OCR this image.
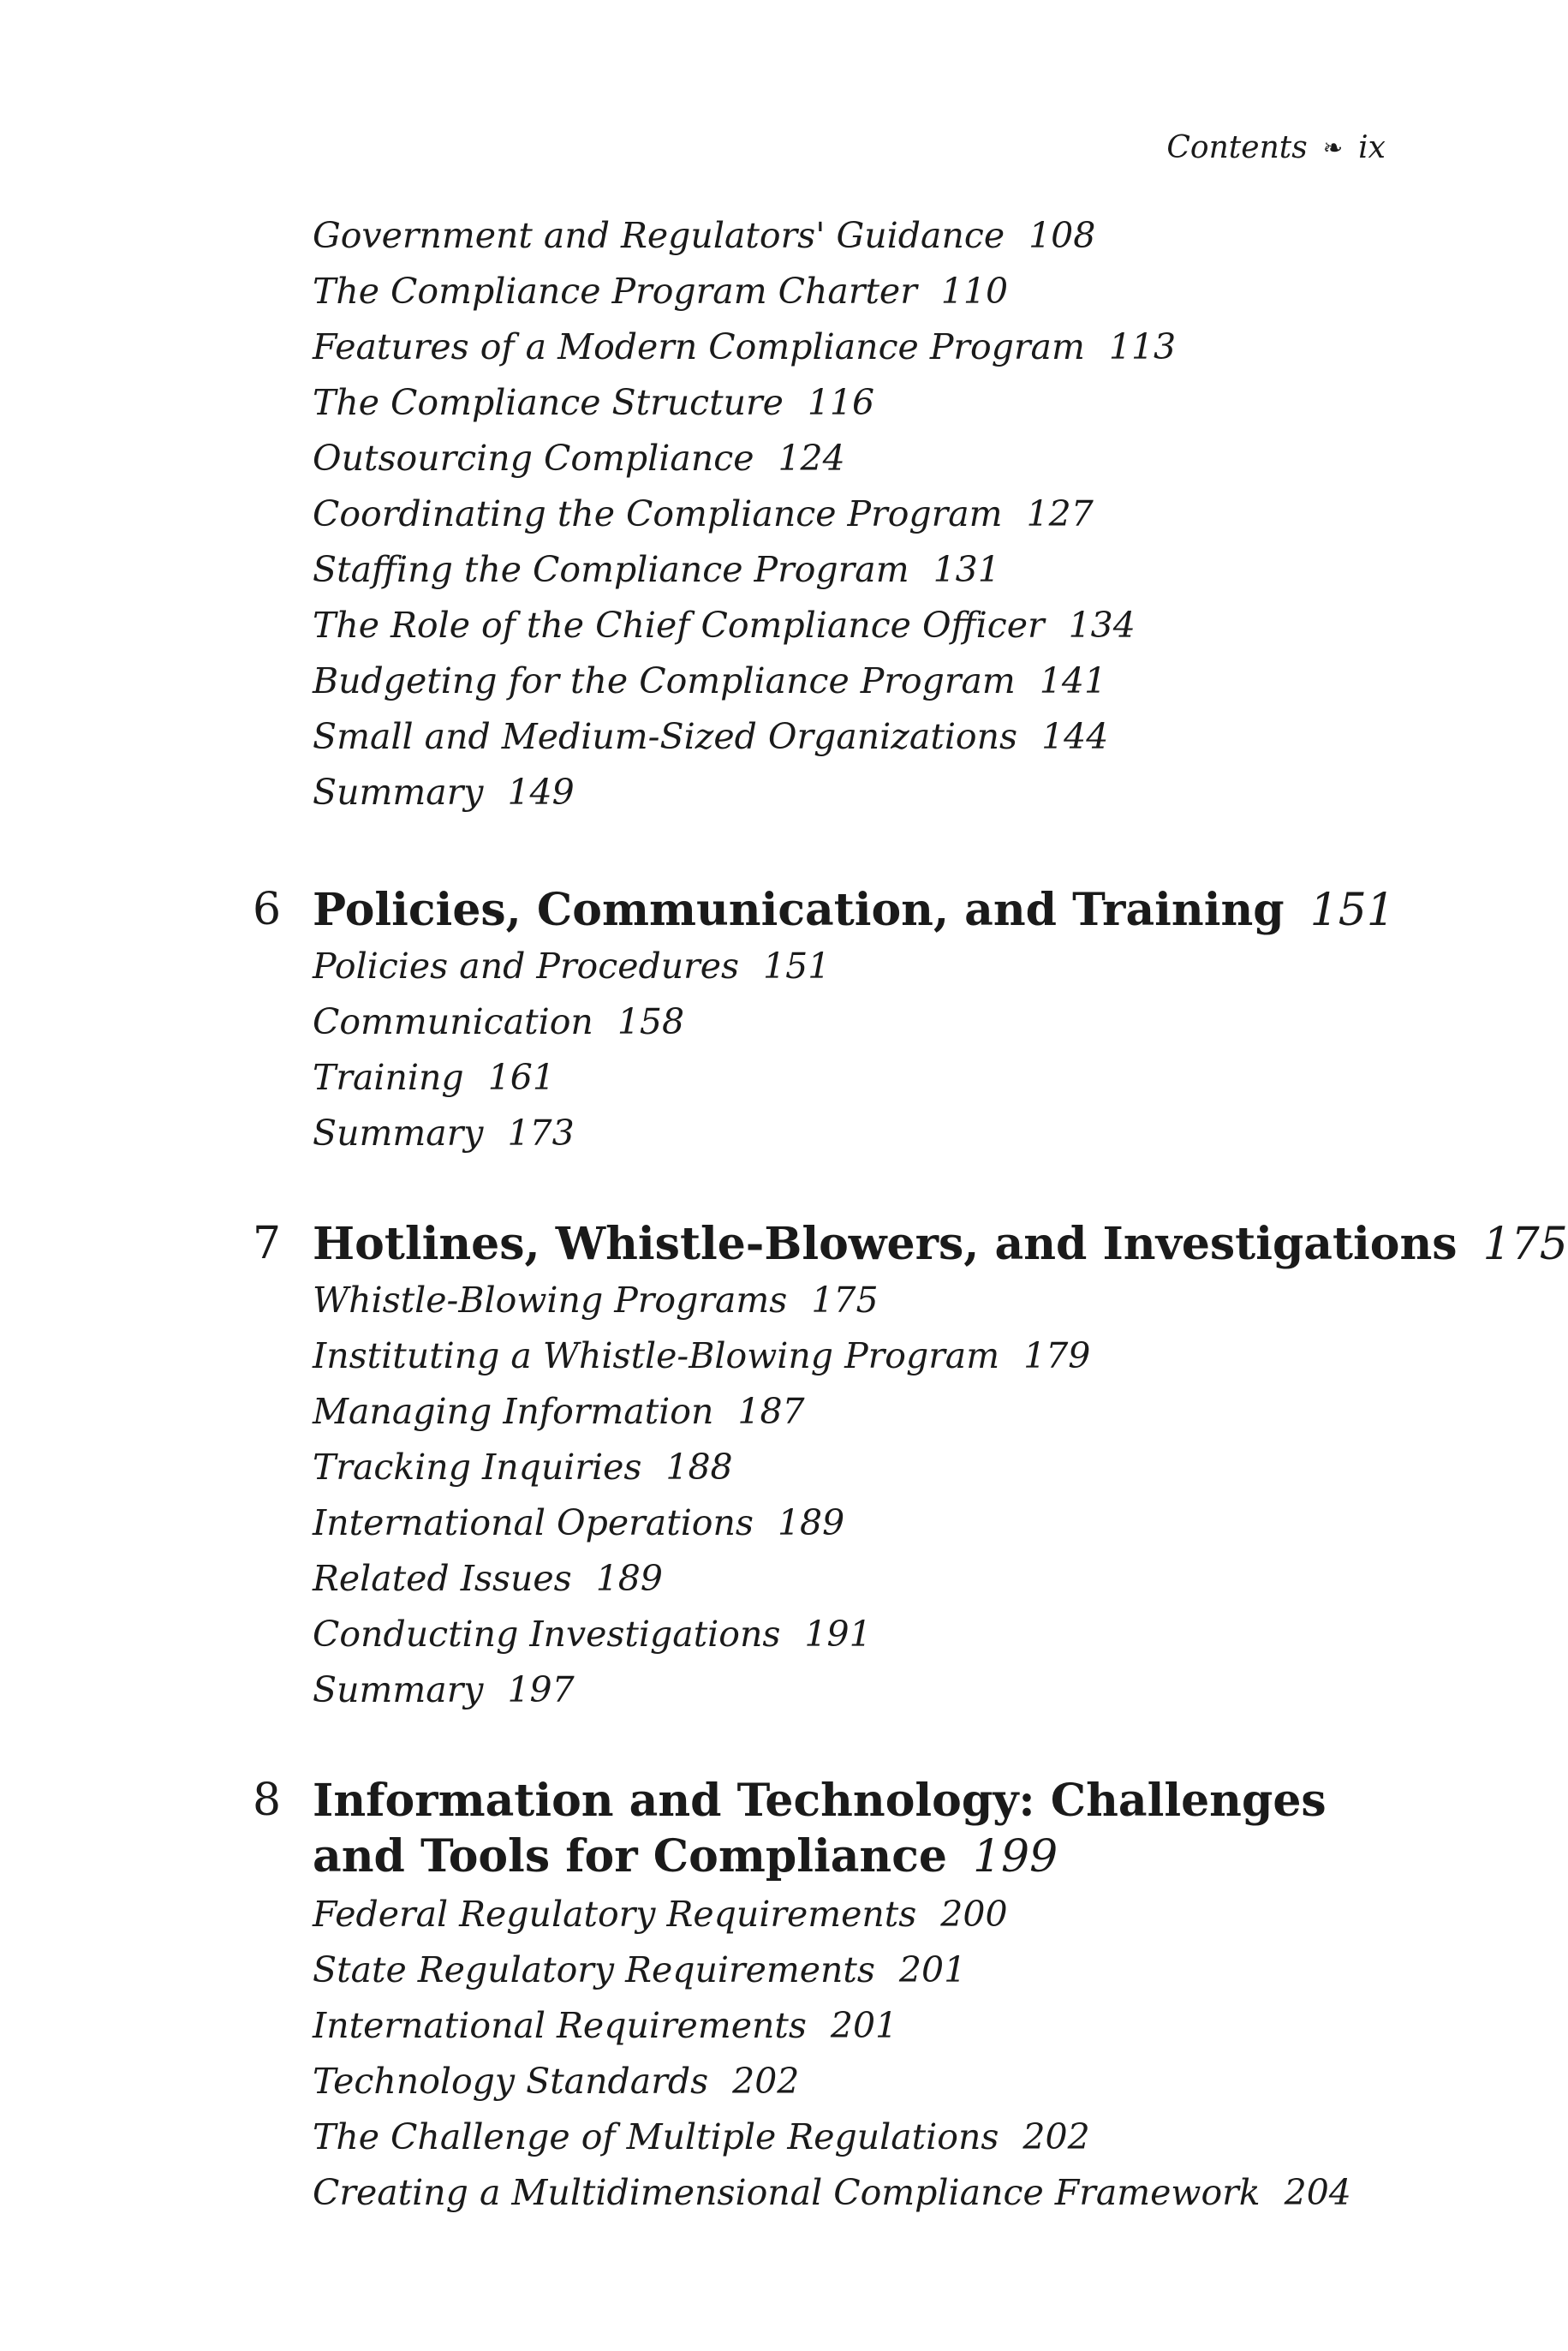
Contents ❧ ix
Government and Regulators' Guidance 108
The Compliance Program Charter 110
Features of a Modern Compliance Program 113
The Compliance Structure 116
Outsourcing Compliance 124
Coordinating the Compliance Program 127
Staffing the Compliance Program 131
The Role of the Chief Compliance Officer 134
Budgeting for the Compliance Program 141
Small and Medium-Sized Organizations 144
Summary 149
6 Policies, Communication, and Training 151
Policies and Procedures 151
Communication 158
Training 161
Summary 173
7 Hotlines, Whistle-Blowers, and Investigations 175
Whistle-Blowing Programs 175
Instituting a Whistle-Blowing Program 179
Managing Information 187
Tracking Inquiries 188
International Operations 189
Related Issues 189
Conducting Investigations 191
Summary 197
8 Information and Technology: Challenges
and Tools for Compliance 199
Federal Regulatory Requirements 200
State Regulatory Requirements 201
International Requirements 201
Technology Standards 202
The Challenge of Multiple Regulations 202
Creating a Multidimensional Compliance Framework 204
